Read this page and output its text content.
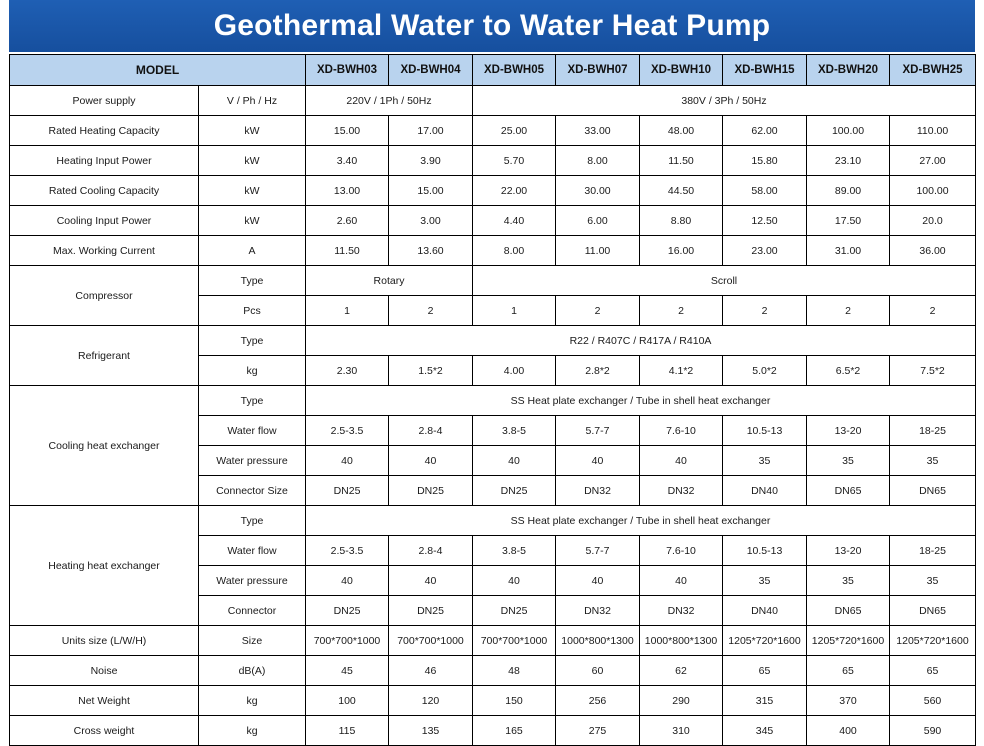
Geothermal Water to Water Heat Pump
MODEL		XD-BWH03	XD-BWH04	XD-BWH05	XD-BWH07	XD-BWH10	XD-BWH15	XD-BWH20	XD-BWH25
Power supply	V / Ph / Hz	220V / 1Ph / 50Hz		380V / 3Ph / 50Hz					
Rated Heating Capacity	kW	15.00	17.00	25.00	33.00	48.00	62.00	100.00	110.00
Heating Input Power	kW	3.40	3.90	5.70	8.00	11.50	15.80	23.10	27.00
Rated Cooling Capacity	kW	13.00	15.00	22.00	30.00	44.50	58.00	89.00	100.00
Cooling Input Power	kW	2.60	3.00	4.40	6.00	8.80	12.50	17.50	20.0
Max. Working Current	A	11.50	13.60	8.00	11.00	16.00	23.00	31.00	36.00
Compressor	Type	Rotary		Scroll					
	Pcs	1	2	1	2	2	2	2	2
Refrigerant	Type	R22 / R407C / R417A / R410A							
	kg	2.30	1.5*2	4.00	2.8*2	4.1*2	5.0*2	6.5*2	7.5*2
Cooling heat exchanger	Type	SS Heat plate exchanger / Tube in shell heat exchanger							
	Water flow	2.5-3.5	2.8-4	3.8-5	5.7-7	7.6-10	10.5-13	13-20	18-25
	Water pressure	40	40	40	40	40	35	35	35
	Connector Size	DN25	DN25	DN25	DN32	DN32	DN40	DN65	DN65
Heating heat exchanger	Type	SS Heat plate exchanger / Tube in shell heat exchanger							
	Water flow	2.5-3.5	2.8-4	3.8-5	5.7-7	7.6-10	10.5-13	13-20	18-25
	Water pressure	40	40	40	40	40	35	35	35
	Connector	DN25	DN25	DN25	DN32	DN32	DN40	DN65	DN65
Units size (L/W/H)	Size	700*700*1000	700*700*1000	700*700*1000	1000*800*1300	1000*800*1300	1205*720*1600	1205*720*1600	1205*720*1600
Noise	dB(A)	45	46	48	60	62	65	65	65
Net Weight	kg	100	120	150	256	290	315	370	560
Cross weight	kg	115	135	165	275	310	345	400	590
